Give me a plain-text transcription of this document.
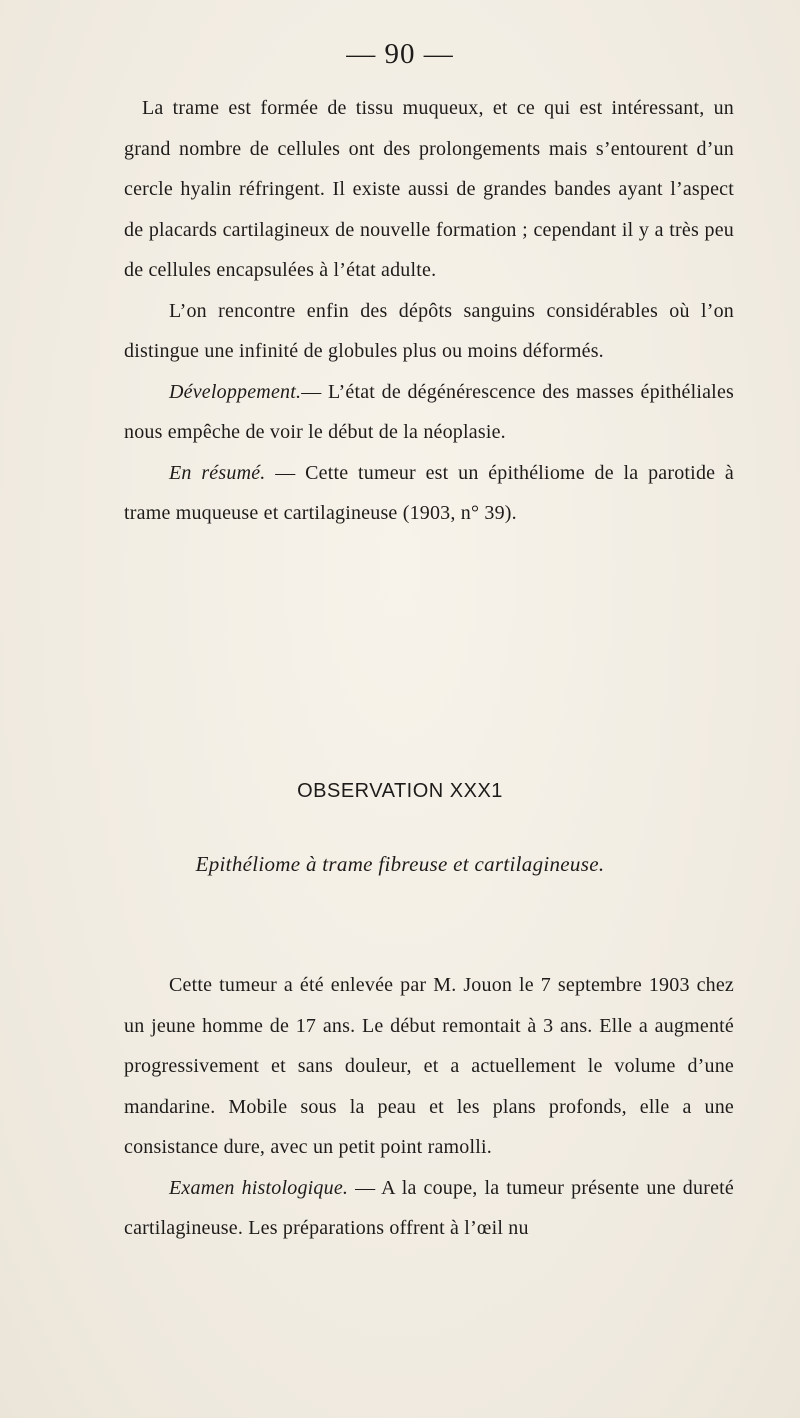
— 90 —

La trame est formée de tissu muqueux, et ce qui est intéressant, un grand nombre de cellules ont des prolongements mais s’entourent d’un cercle hyalin réfringent. Il existe aussi de grandes bandes ayant l’aspect de placards cartilagineux de nouvelle formation ; cependant il y a très peu de cellules encapsulées à l’état adulte.

L’on rencontre enfin des dépôts sanguins considérables où l’on distingue une infinité de globules plus ou moins déformés.

Développement.— L’état de dégénérescence des masses épithéliales nous empêche de voir le début de la néoplasie.

En résumé. — Cette tumeur est un épithéliome de la parotide à trame muqueuse et cartilagineuse (1903, n° 39).

OBSERVATION XXX1
Epithéliome à trame fibreuse et cartilagineuse.

Cette tumeur a été enlevée par M. Jouon le 7 septembre 1903 chez un jeune homme de 17 ans. Le début remontait à 3 ans. Elle a augmenté progressivement et sans douleur, et a actuellement le volume d’une mandarine. Mobile sous la peau et les plans profonds, elle a une consistance dure, avec un petit point ramolli.

Examen histologique. — A la coupe, la tumeur présente une dureté cartilagineuse. Les préparations offrent à l’œil nu
